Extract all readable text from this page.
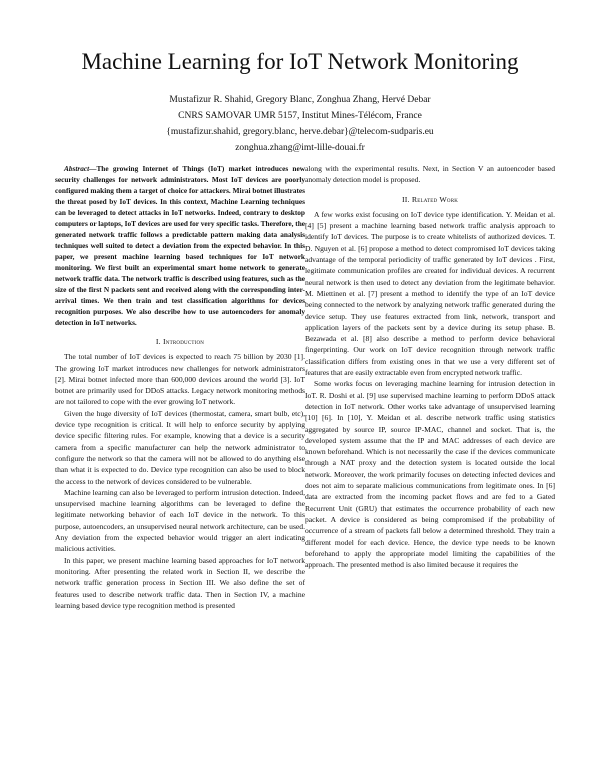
Machine Learning for IoT Network Monitoring
Mustafizur R. Shahid, Gregory Blanc, Zonghua Zhang, Hervé Debar
CNRS SAMOVAR UMR 5157, Institut Mines-Télécom, France
{mustafizur.shahid, gregory.blanc, herve.debar}@telecom-sudparis.eu
zonghua.zhang@imt-lille-douai.fr

Abstract—The growing Internet of Things (IoT) market introduces new security challenges for network administrators. Most IoT devices are poorly configured making them a target of choice for attackers. Mirai botnet illustrates the threat posed by IoT devices. In this context, Machine Learning techniques can be leveraged to detect attacks in IoT networks. Indeed, contrary to desktop computers or laptops, IoT devices are used for very specific tasks. Therefore, the generated network traffic follows a predictable pattern making data analysis techniques well suited to detect a deviation from the expected behavior. In this paper, we present machine learning based techniques for IoT network monitoring. We first built an experimental smart home network to generate network traffic data. The network traffic is described using features, such as the size of the first N packets sent and received along with the corresponding inter-arrival times. We then train and test classification algorithms for devices recognition purposes. We also describe how to use autoencoders for anomaly detection in IoT networks.

I. Introduction

The total number of IoT devices is expected to reach 75 billion by 2030 [1]. The growing IoT market introduces new challenges for network administrators [2]. Mirai botnet infected more than 600,000 devices around the world [3]. IoT botnet are primarily used for DDoS attacks. Legacy network monitoring methods are not tailored to cope with the ever growing IoT network.

Given the huge diversity of IoT devices (thermostat, camera, smart bulb, etc), device type recognition is critical. It will help to enforce security by applying device specific filtering rules. For example, knowing that a device is a security camera from a specific manufacturer can help the network administrator to configure the network so that the camera will not be allowed to do anything else than what it is expected to do. Device type recognition can also be used to block the access to the network of devices considered to be vulnerable.

Machine learning can also be leveraged to perform intrusion detection. Indeed, unsupervised machine learning algorithms can be leveraged to define the legitimate networking behavior of each IoT device in the network. To this purpose, autoencoders, an unsupervised neural network architecture, can be used. Any deviation from the expected behavior would trigger an alert indicating malicious activities.

In this paper, we present machine learning based approaches for IoT network monitoring. After presenting the related work in Section II, we describe the network traffic generation process in Section III. We also define the set of features used to describe network traffic data. Then in Section IV, a machine learning based device type recognition method is presented

along with the experimental results. Next, in Section V an autoencoder based anomaly detection model is proposed.

II. Related Work

A few works exist focusing on IoT device type identification. Y. Meidan et al. [4] [5] present a machine learning based network traffic analysis approach to identify IoT devices. The purpose is to create whitelists of authorized devices. T. D. Nguyen et al. [6] propose a method to detect compromised IoT devices taking advantage of the temporal periodicity of traffic generated by IoT devices . First, legitimate communication profiles are created for individual devices. A recurrent neural network is then used to detect any deviation from the legitimate behavior. M. Miettinen et al. [7] present a method to identify the type of an IoT device being connected to the network by analyzing network traffic generated during the device setup. They use features extracted from link, network, transport and application layers of the packets sent by a device during its setup phase. B. Bezawada et al. [8] also describe a method to perform device behavioral fingerprinting. Our work on IoT device recognition through network traffic classification differs from existing ones in that we use a very different set of features that are easily extractable even from encrypted network traffic.

Some works focus on leveraging machine learning for intrusion detection in IoT. R. Doshi et al. [9] use supervised machine learning to perform DDoS attack detection in IoT network. Other works take advantage of unsupervised learning [10] [6]. In [10], Y. Meidan et al. describe network traffic using statistics aggregated by source IP, source IP-MAC, channel and socket. That is, the developed system assume that the IP and MAC addresses of each device are known beforehand. Which is not necessarily the case if the devices communicate through a NAT proxy and the detection system is located outside the local network. Moreover, the work primarily focuses on detecting infected devices and does not aim to separate malicious communications from legitimate ones. In [6] data are extracted from the incoming packet flows and are fed to a Gated Recurrent Unit (GRU) that estimates the occurrence probability of each new packet. A device is considered as being compromised if the probability of occurrence of a stream of packets fall below a determined threshold. They train a different model for each device. Hence, the device type needs to be known beforehand to apply the appropriate model limiting the capabilities of the approach. The presented method is also limited because it requires the
